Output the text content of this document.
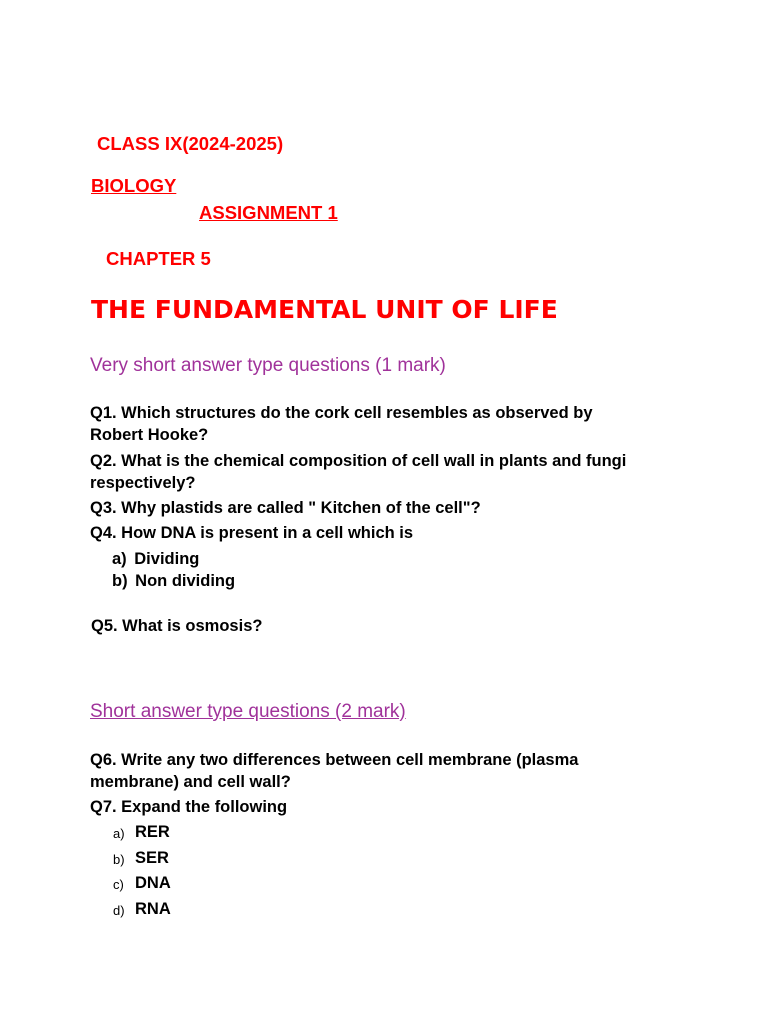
CLASS IX(2024-2025)
BIOLOGY
ASSIGNMENT 1
CHAPTER 5
THE FUNDAMENTAL UNIT OF LIFE
Very short answer type questions (1 mark)
Q1. Which structures do the cork cell resembles as observed by Robert Hooke?
Q2. What is the chemical composition of cell wall in plants and fungi respectively?
Q3. Why plastids are called " Kitchen of the cell"?
Q4. How DNA is present in a cell which is
a) Dividing
b) Non dividing
Q5. What is osmosis?
Short answer type questions (2 mark)
Q6. Write any two differences between cell membrane (plasma membrane) and cell wall?
Q7. Expand the following
a) RER
b) SER
c) DNA
d) RNA
